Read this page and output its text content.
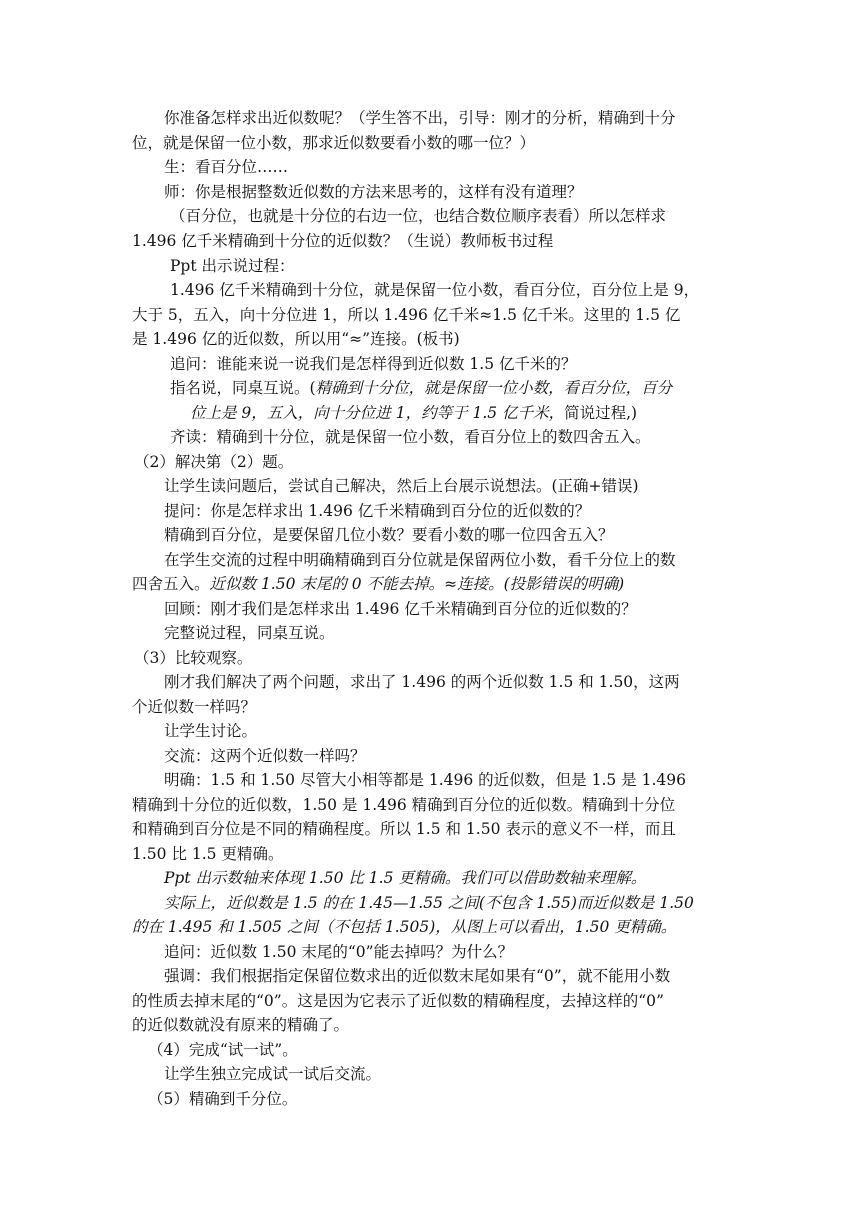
你准备怎样求出近似数呢？（学生答不出，引导：刚才的分析，精确到十分
位，就是保留一位小数，那求近似数要看小数的哪一位？）
生：看百分位……
师：你是根据整数近似数的方法来思考的，这样有没有道理？
（百分位，也就是十分位的右边一位，也结合数位顺序表看）所以怎样求
1.496 亿千米精确到十分位的近似数？（生说）教师板书过程
Ppt 出示说过程：
1.496 亿千米精确到十分位，就是保留一位小数，看百分位，百分位上是 9，
大于 5，五入，向十分位进 1，所以 1.496 亿千米≈1.5 亿千米。这里的 1.5 亿
是 1.496 亿的近似数，所以用“≈”连接。(板书)
追问：谁能来说一说我们是怎样得到近似数 1.5 亿千米的？
指名说，同桌互说。(精确到十分位，就是保留一位小数，看百分位，百分
位上是 9，五入，向十分位进 1，约等于 1.5 亿千米，简说过程,)
齐读：精确到十分位，就是保留一位小数，看百分位上的数四舍五入。
（2）解决第（2）题。
让学生读问题后，尝试自己解决，然后上台展示说想法。(正确+错误)
提问：你是怎样求出 1.496 亿千米精确到百分位的近似数的？
精确到百分位，是要保留几位小数？要看小数的哪一位四舍五入？
在学生交流的过程中明确精确到百分位就是保留两位小数，看千分位上的数
四舍五入。近似数 1.50 末尾的 0 不能去掉。≈连接。(投影错误的明确)
回顾：刚才我们是怎样求出 1.496 亿千米精确到百分位的近似数的？
完整说过程，同桌互说。
（3）比较观察。
刚才我们解决了两个问题，求出了 1.496 的两个近似数 1.5 和 1.50，这两
个近似数一样吗？
让学生讨论。
交流：这两个近似数一样吗？
明确：1.5 和 1.50 尽管大小相等都是 1.496 的近似数，但是 1.5 是 1.496
精确到十分位的近似数，1.50 是 1.496 精确到百分位的近似数。精确到十分位
和精确到百分位是不同的精确程度。所以 1.5 和 1.50 表示的意义不一样，而且
1.50 比 1.5 更精确。
Ppt 出示数轴来体现 1.50 比 1.5 更精确。我们可以借助数轴来理解。
实际上，近似数是 1.5 的在 1.45—1.55 之间(不包含 1.55)而近似数是 1.50
的在 1.495 和 1.505 之间（不包括 1.505)，从图上可以看出，1.50 更精确。
追问：近似数 1.50 末尾的“0”能去掉吗？为什么？
强调：我们根据指定保留位数求出的近似数末尾如果有“0”，就不能用小数
的性质去掉末尾的“0”。这是因为它表示了近似数的精确程度，去掉这样的“0”
的近似数就没有原来的精确了。
（4）完成“试一试”。
让学生独立完成试一试后交流。
（5）精确到千分位。
